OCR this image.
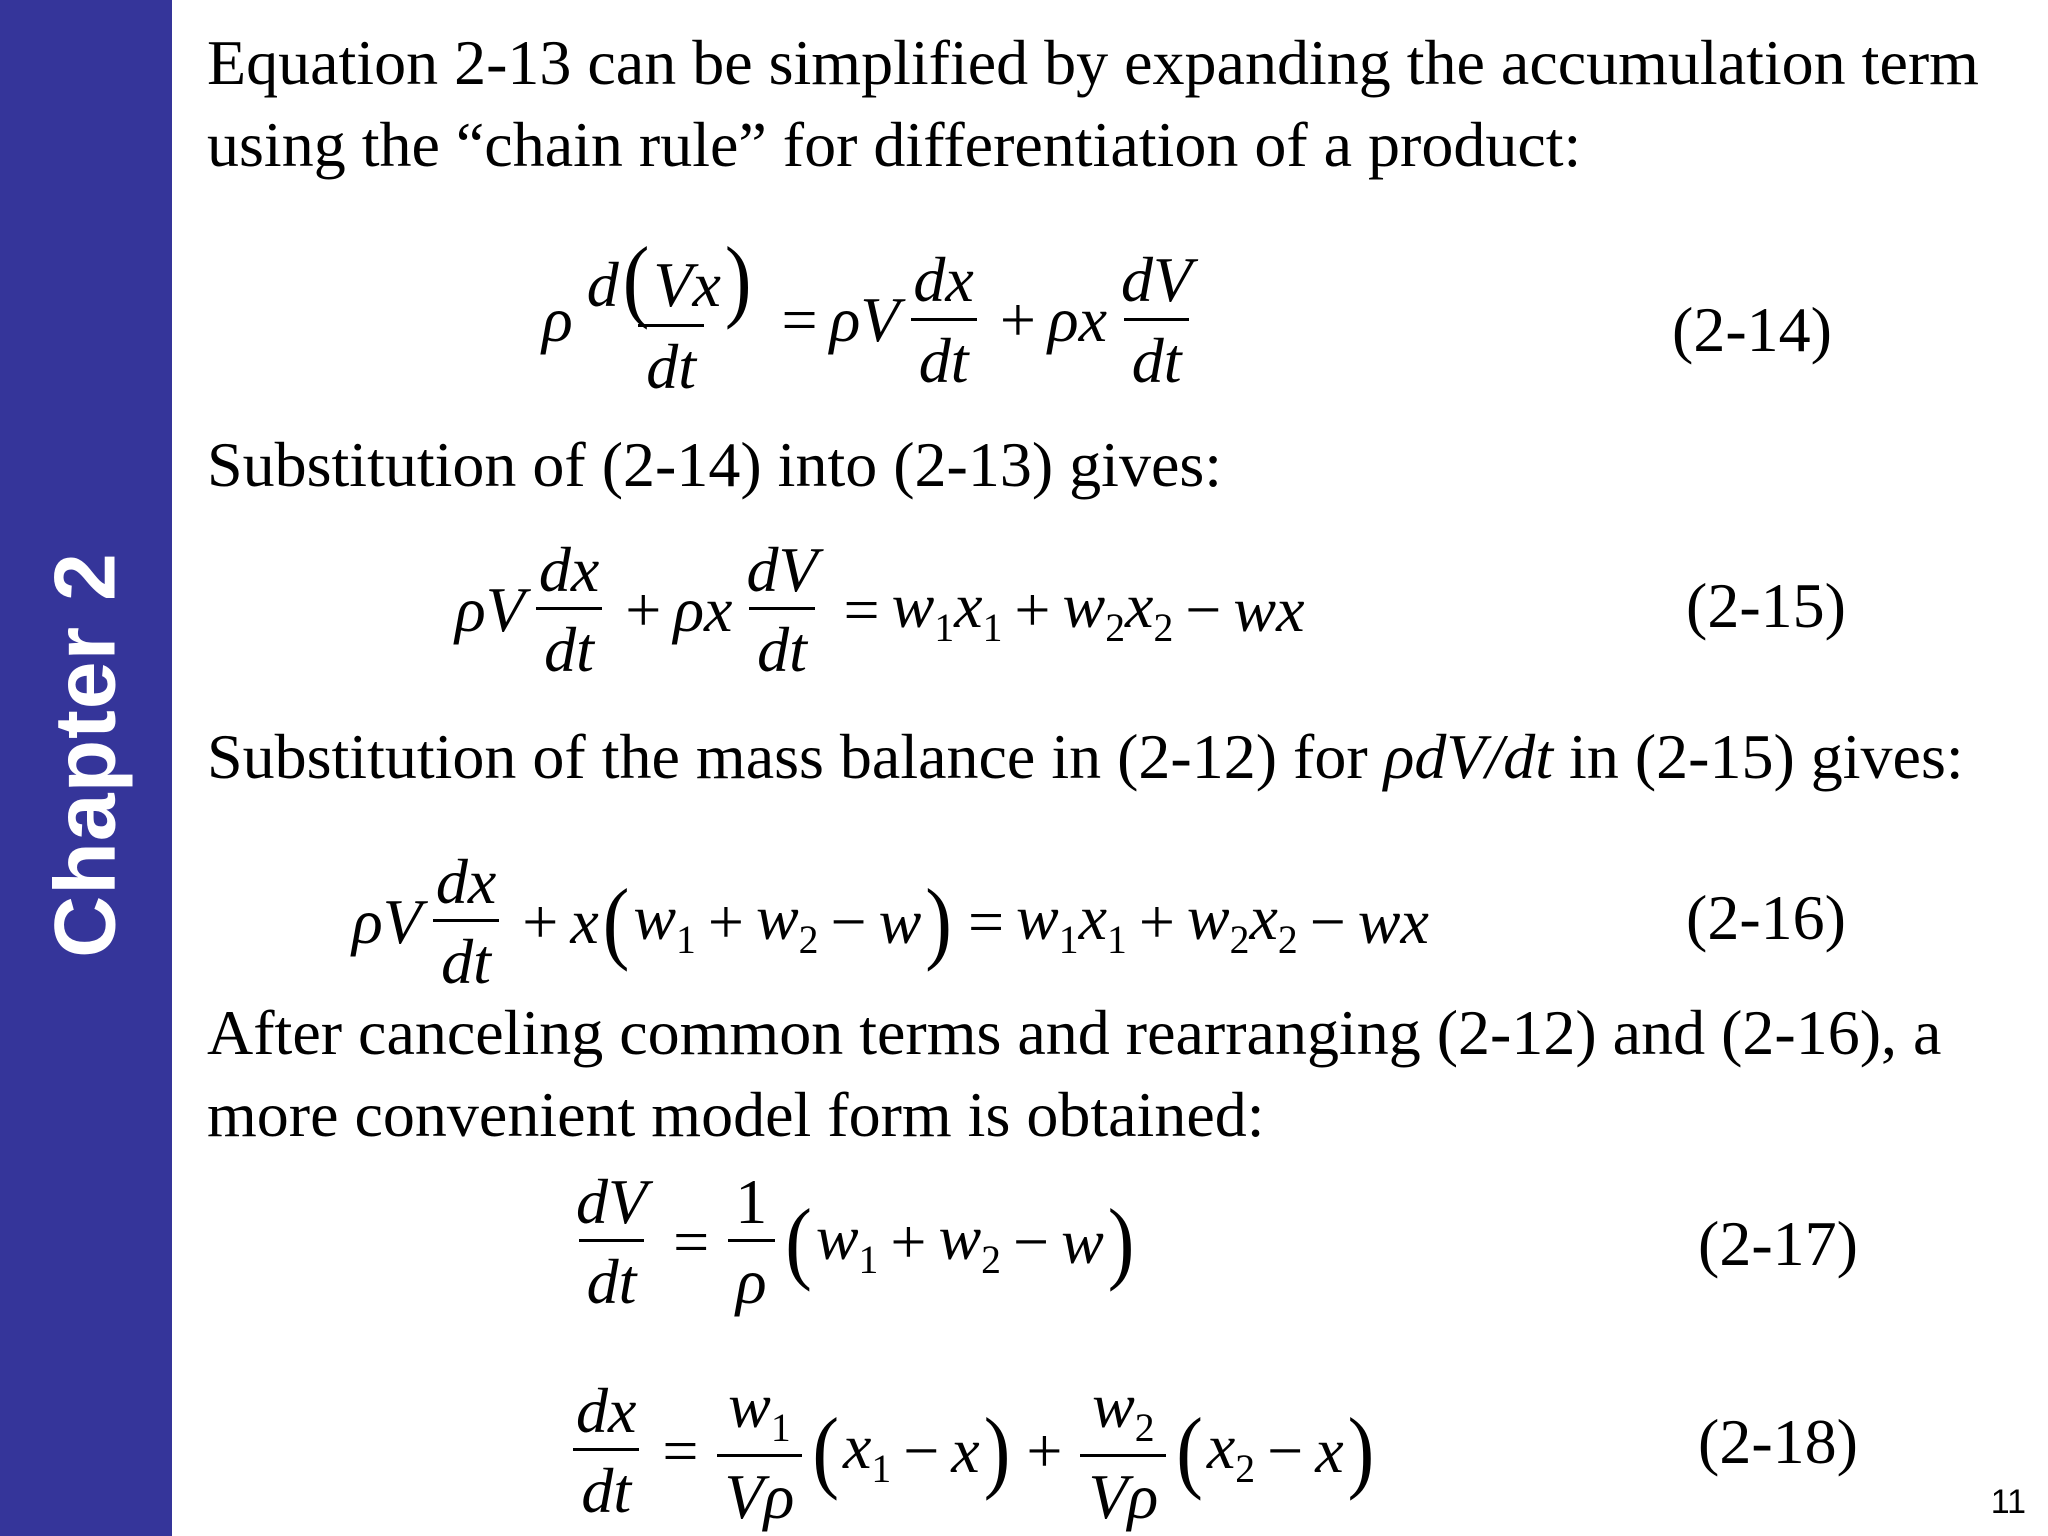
Chapter 2

Equation 2-13 can be simplified by expanding the accumulation term using the “chain rule” for differentiation of a product:

ρ $\frac{d(Vx)}{dt} = \rho V \frac{dx}{dt} + \rho x \frac{dV}{dt}$	(2-14)

Substitution of (2-14) into (2-13) gives:

ρV $\frac{dx}{dt} + \rho x \frac{dV}{dt} = w_1x_1 + w_2x_2$ − wx	(2-15)

Substitution of the mass balance in (2-12) for ρdV/dt in (2-15) gives:

ρV $\frac{dx}{dt} + x$ ( $w_1 + w_2 - w$ ) = $w_1x_1 + w_2x_2$ − wx	(2-16)

After canceling common terms and rearranging (2-12) and (2-16), a more convenient model form is obtained:

$\frac{dV}{dt} = \frac{1}{\rho}$ ( $w_1 + w_2 - w$ )	(2-17)
$\frac{dx}{dt} = \frac{w_1}{V\rho}$ ( $x_1 - x$ ) + $\frac{w_2}{V\rho}$ ( $x_2 - x$ )	(2-18)
11
